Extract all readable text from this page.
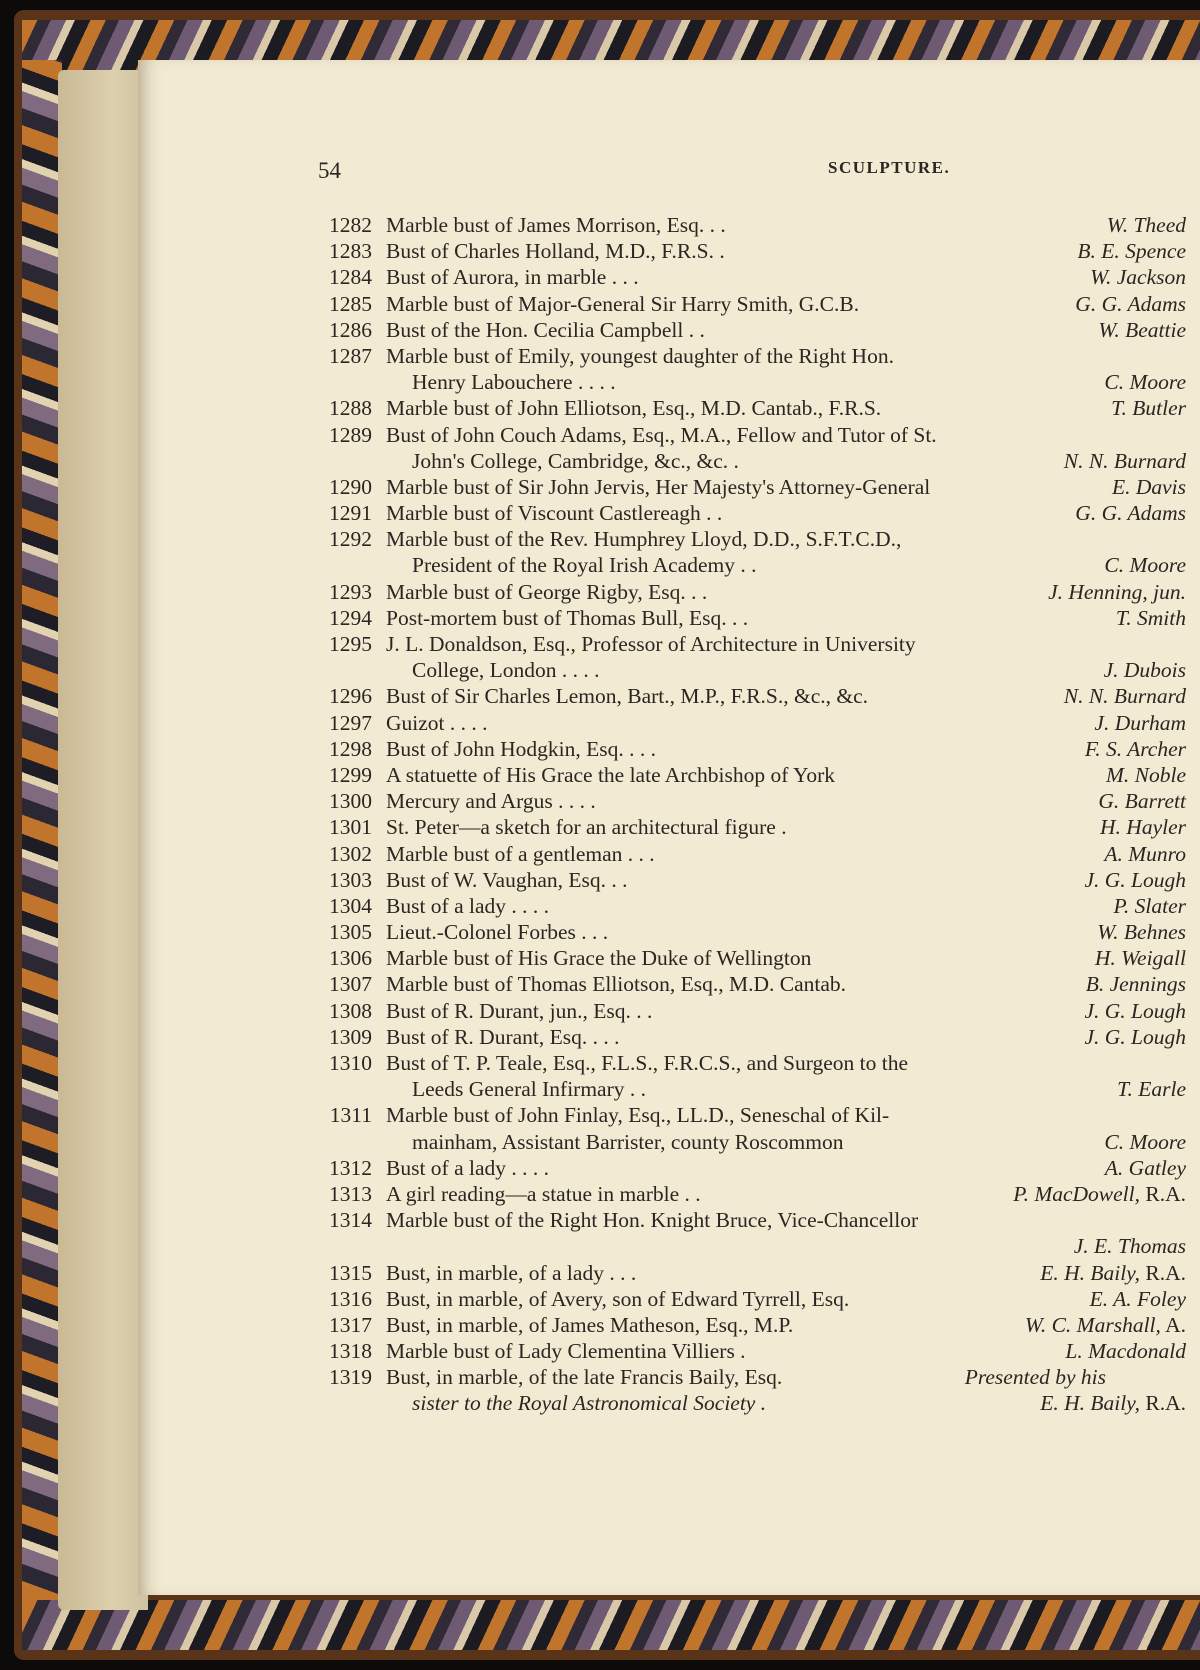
54	SCULPTURE.
1282 Marble bust of James Morrison, Esq. . .	W. Theed
1283 Bust of Charles Holland, M.D., F.R.S. .	B. E. Spence
1284 Bust of Aurora, in marble . . .	W. Jackson
1285 Marble bust of Major-General Sir Harry Smith, G.C.B.	G. G. Adams
1286 Bust of the Hon. Cecilia Campbell . .	W. Beattie
1287 Marble bust of Emily, youngest daughter of the Right Hon.
Henry Labouchere . . . .	C. Moore
1288 Marble bust of John Elliotson, Esq., M.D. Cantab., F.R.S.	T. Butler
1289 Bust of John Couch Adams, Esq., M.A., Fellow and Tutor of St.
John's College, Cambridge, &c., &c. .	N. N. Burnard
1290 Marble bust of Sir John Jervis, Her Majesty's Attorney-General	E. Davis
1291 Marble bust of Viscount Castlereagh . .	G. G. Adams
1292 Marble bust of the Rev. Humphrey Lloyd, D.D., S.F.T.C.D.,
President of the Royal Irish Academy . .	C. Moore
1293 Marble bust of George Rigby, Esq. . .	J. Henning, jun.
1294 Post-mortem bust of Thomas Bull, Esq. . .	T. Smith
1295 J. L. Donaldson, Esq., Professor of Architecture in University
College, London . . . .	J. Dubois
1296 Bust of Sir Charles Lemon, Bart., M.P., F.R.S., &c., &c.	N. N. Burnard
1297 Guizot . . . .	J. Durham
1298 Bust of John Hodgkin, Esq. . . .	F. S. Archer
1299 A statuette of His Grace the late Archbishop of York	M. Noble
1300 Mercury and Argus . . . .	G. Barrett
1301 St. Peter—a sketch for an architectural figure .	H. Hayler
1302 Marble bust of a gentleman . . .	A. Munro
1303 Bust of W. Vaughan, Esq. . .	J. G. Lough
1304 Bust of a lady . . . .	P. Slater
1305 Lieut.-Colonel Forbes . . .	W. Behnes
1306 Marble bust of His Grace the Duke of Wellington	H. Weigall
1307 Marble bust of Thomas Elliotson, Esq., M.D. Cantab.	B. Jennings
1308 Bust of R. Durant, jun., Esq. . .	J. G. Lough
1309 Bust of R. Durant, Esq. . . .	J. G. Lough
1310 Bust of T. P. Teale, Esq., F.L.S., F.R.C.S., and Surgeon to the
Leeds General Infirmary . .	T. Earle
1311 Marble bust of John Finlay, Esq., LL.D., Seneschal of Kil-
mainham, Assistant Barrister, county Roscommon	C. Moore
1312 Bust of a lady . . . .	A. Gatley
1313 A girl reading—a statue in marble . .	P. MacDowell, R.A.
1314 Marble bust of the Right Hon. Knight Bruce, Vice-Chancellor
J. E. Thomas
1315 Bust, in marble, of a lady . . .	E. H. Baily, R.A.
1316 Bust, in marble, of Avery, son of Edward Tyrrell, Esq.	E. A. Foley
1317 Bust, in marble, of James Matheson, Esq., M.P.	W. C. Marshall, A.
1318 Marble bust of Lady Clementina Villiers .	L. Macdonald
1319 Bust, in marble, of the late Francis Baily, Esq.	Presented by his
sister to the Royal Astronomical Society .	E. H. Baily, R.A.
